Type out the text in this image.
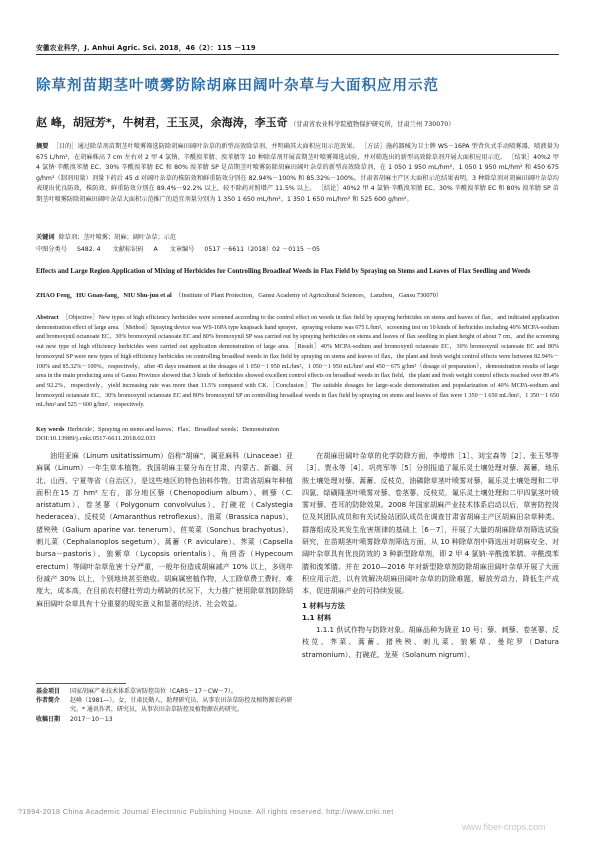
安徽农业科学，J. Anhui Agric. Sci. 2018，46（2）：115 －119
除草剂苗期茎叶喷雾防除胡麻田阔叶杂草与大面积应用示范
赵 峰，胡冠芳*，牛树君，王玉灵，余海涛，李玉奇 （甘肃省农业科学院植物保护研究所，甘肃兰州 730070）
摘要 ［目的］通过除草剂苗期茎叶喷雾筛选防除胡麻田阔叶杂草的新型高效除草剂，并明确其大面积应用示范效果。 ［方法］施药器械为卫士牌 WS－16PA 型背负式手动喷雾器，喷液量为 675 L/hm²，在胡麻株高 7 cm 左右对 2 甲 4 氯钠、辛酰溴苯腈、溴苯腈等 10 种除草剂开展苗期茎叶喷雾筛选试验，并对筛选出的新型高效除草剂开展大面积应用示范。 ［结果］40%2 甲 4 氯钠·辛酰溴苯腈 EC、30% 辛酰溴苯腈 EC 和 80% 溴苯腈 SP 是苗期茎叶喷雾防除胡麻田阔叶杂草的新型高效除草剂，在 1 050 1 950 mL/hm²、1 050 1 950 mL/hm² 和 450 675 g/hm²（制剂用量）剂量下药后 45 d 对阔叶杂草的株防效和鲜重防效分别在 82.94%－100% 和 85.32%－100%，甘肃省胡麻主产区大面积示范结果表明，3 种除草剂对胡麻田阔叶杂草均表现出优良防效，株防效、鲜重防效分别在 89.4%－92.2% 以上，较不除药对照增产 11.5% 以上。 ［结论］40%2 甲 4 氯钠·辛酰溴苯腈 EC、30% 辛酰溴苯腈 EC 和 80% 溴苯腈 SP 苗期茎叶喷雾防除胡麻田阔叶杂草大面积示范推广的适宜剂量分别为 1 350 1 650 mL/hm²、1 350 1 650 mL/hm² 和 525 600 g/hm²。
关键词 除草剂；茎叶喷雾；胡麻；阔叶杂草；示范
中图分类号 S482. 4 文献标识码 A 文章编号 0517 －6611（2018）02 －0115 －05
Effects and Large Region Application of Mixing of Herbicides for Controlling Broadleaf Weeds in Flax Field by Spraying on Stems and Leaves of Flax Seedling and Weeds
ZHAO Feng，HU Guan-fang，NIU Shu-jun et al （Institute of Plant Protection，Gansu Academy of Agricultural Sciences，Lanzhou，Gansu 730070）
Abstract ［Objective］New types of high efficiency herbicides were screened according to the control effect on weeds in flax field by spraying herbicides on stems and leaves of flax，and indicated application demonstration effect of large area.［Method］Spraying device was WS-16PA type knapsack hand sprayer，spraying volume was 675 L/hm²，screening test on 10 kinds of herbicides including 40% MCPA-sodium and bromoxynil octanoate EC，30% bromoxynil octanoate EC and 80% bromoxynil SP was carried out by spraying herbicides on stems and leaves of flax seedling in plant height of about 7 cm，and the screening out new type of high efficiency herbicides were carried out application demonstration of large area.［Result］40% MCPA-sodium and bromoxynil octanoate EC，30% bromoxynil octanoate EC and 80% bromoxynil SP were new types of high efficiency herbicides on controlling broadleaf weeds in flax field by spraying on stems and leaves of flax，the plant and fresh weight control effects were between 82.94%－100% and 85.32%－100%，respectively，after 45 days treatment at the dosages of 1 050－1 950 mL/hm²，1 050－1 950 mL/hm² and 450－675 g/hm²（dosage of preparation），demonstration results of large area in the main producing area of Gansu Province showed that 3 kinds of herbicides showed excellent control effects on broadleaf weeds in flax field，the plant and fresh weight control effects reached over 89.4% and 92.2%，respectively，yield increasing rate was more than 11.5% compared with CK.［Conclusion］The suitable dosages for large-scale demonstration and popularization of 40% MCPA-sodium and bromoxynil octanoate EC，30% bromoxynil octanoate EC and 80% bromoxynil SP on controlling broadleaf weeds in flax field by spraying on stems and leaves of flax were 1 350－1 650 mL/hm²，1 350－1 650 mL/hm² and 525－600 g/hm²，respectively.
Key words Herbicide；Spraying on stems and leaves；Flax；Broadleaf weeds；Demonstration
DOI:10.13989/j.cnki.0517-6611.2018.02.033

油用亚麻（Linum usitatissimum）俗称"胡麻"，属亚麻科（Linaceae）亚麻属（Linum）一年生草本植物。我国胡麻主要分布在甘肃、内蒙古、新疆、河北、山西、宁夏等省（自治区），是这些地区的特色油料作物。甘肃省胡麻年种植面积在15 万 hm² 左右，部分地区藜（Chenopodium album）、刺藜（C. aristatum）、卷茎蓼（Polygonum convolvulus）、打碗花（Calystegia hederacea）、反枝苋（Amaranthus retroflexus）、油菜（Brassica napus）、猪殃殃（Galium aparine var. tenerum）、苣荬菜（Sonchus brachyotus）、刺儿菜（Cephalanoplos segetum）、蒿蓄（P. aviculare）、荠菜（Capsella bursa－pastoris）、狼紫草（Lycopsis orientalis）、角茴香（Hypecoum erectum）等阔叶杂草危害十分严重，一般年份造成胡麻减产 10% 以上，多则年份减产 30% 以上，个别地块甚至绝收。胡麻属密植作物，人工除草费工费时，难度大，成本高，在目前农村健壮劳动力稀缺的状况下，大力推广使用除草剂防除胡麻田阔叶杂草具有十分重要的现实意义和显著的经济、社会效益。

在胡麻田阔叶杂草的化学防除方面，李增炜［1］、刘宝森等［2］、张玉琴等［3］、贾永等［4］、巩亮军等［5］分别报道了氟乐灵土壤处理对藜、蒿蓄，地乐胺土壤处理对藜、蒿蓄、反枝苋，油磷除草茎叶喷雾对藜，氟乐灵土壤处理和二甲四氯、绿磺隆茎叶喷雾对藜、卷茎蓼、反枝苋，氟乐灵土壤处理和二甲四氯茎叶喷雾对藜、苍耳的防除效果。2008 年国家胡麻产业技术体系启动以后，草害防控岗位及其团队成员和有关试验站团队成员在调查甘肃省胡麻主产区胡麻田杂草种类、群落组成及其发生危害规律的基础上［6－7］，开展了大量的胡麻除草剂筛选试验研究，在苗期茎叶喷雾除草剂筛选方面，从 10 种除草剂中筛选出对胡麻安全、对阔叶杂草具有优良防效的 3 种新型除草剂，即 2 甲 4 氯钠·辛酰溴苯腈、辛酰溴苯腈和溴苯腈。并在 2010—2016 年对新型除草剂防除胡麻田阔叶杂草开展了大面积应用示范，以有效解决胡麻田阔叶杂草的防除难题，解放劳动力，降低生产成本，促进胡麻产业的可持续发展。

1 材料与方法
1.1 材料

1.1.1 供试作物与防除对象。胡麻品种为陇亚 10 号；藜、刺藜、卷茎蓼、反枝苋、荠菜、蒿蓄、猪殃殃、刺儿菜、狼紫草、曼陀罗（Datura stramonium）、打碗花、龙葵（Solanum nigrum）、

基金项目	国家胡麻产业技术体系草害防控岗位（CARS－17－CW－7）。
作者简介	赵峰（1981—），女，甘肃民勤人，助理研究员，从事农田杂草防控及植物源农药研究。* 通讯作者，研究员，从事农田杂草防控及植物源农药研究。
收稿日期	2017－10－13
?1994-2018 China Academic Journal Electronic Publishing House. All rights reserved. http://www.cnki.net
www.fiber-crops.com
